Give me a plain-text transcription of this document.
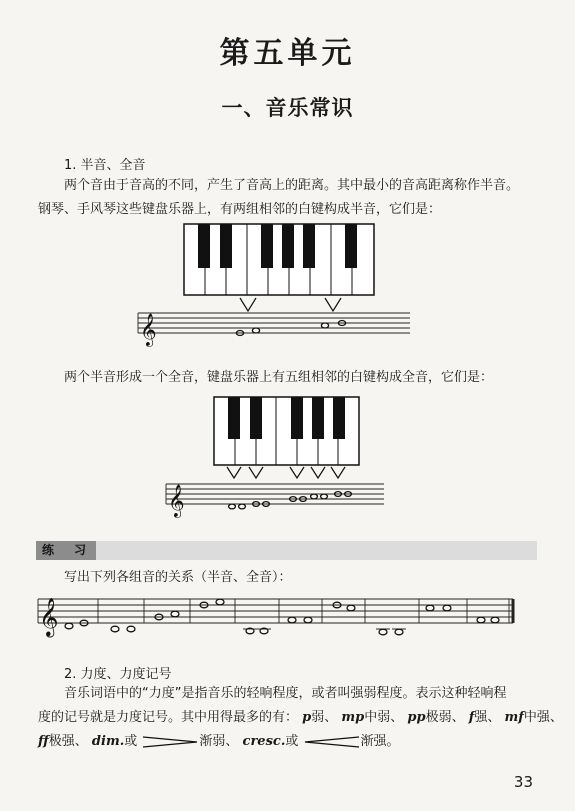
第五单元
一、音乐常识
1. 半音、全音
两个音由于音高的不同，产生了音高上的距离。其中最小的音高距离称作半音。
钢琴、手风琴这些键盘乐器上，有两组相邻的白键构成半音，它们是：
𝄞
𝄞
𝄞
两个半音形成一个全音，键盘乐器上有五组相邻的白键构成全音，它们是：
练　习
写出下列各组音的关系（半音、全音）：
2. 力度、力度记号
音乐词语中的“力度”是指音乐的轻响程度，或者叫强弱程度。表示这种轻响程
度的记号就是力度记号。其中用得最多的有： p弱、 mp中弱、 pp极弱、 f强、 mf中强、
ff极强、 dim.或	渐弱、 cresc.或	渐强。
33
